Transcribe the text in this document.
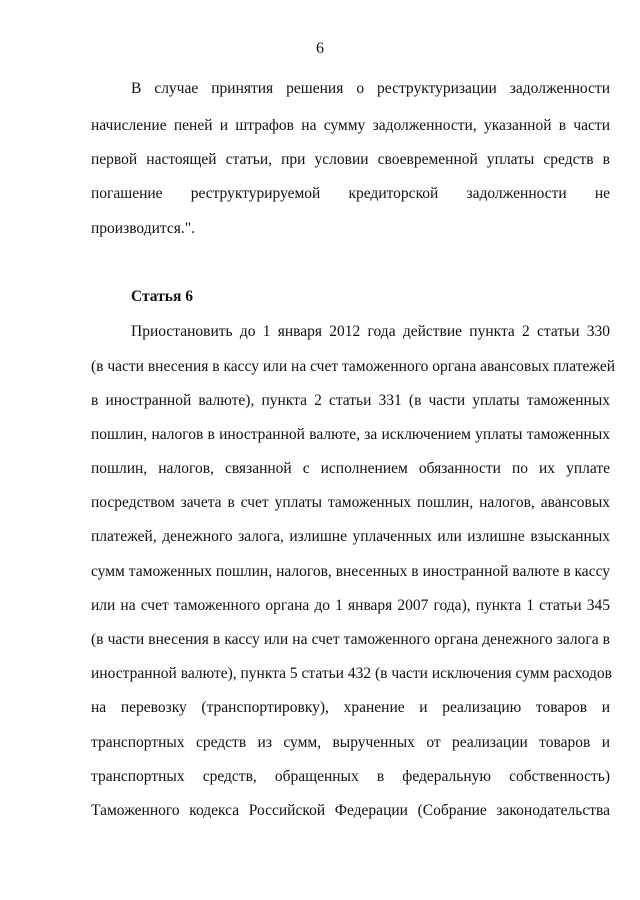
6
В случае принятия решения о реструктуризации задолженности
начисление пеней и штрафов на сумму задолженности, указанной в части
первой настоящей статьи, при условии своевременной уплаты средств в
погашение реструктурируемой кредиторской задолженности не
производится.".
Статья 6
Приостановить до 1 января 2012 года действие пункта 2 статьи 330
(в части внесения в кассу или на счет таможенного органа авансовых платежей
в иностранной валюте), пункта 2 статьи 331 (в части уплаты таможенных
пошлин, налогов в иностранной валюте, за исключением уплаты таможенных
пошлин, налогов, связанной с исполнением обязанности по их уплате
посредством зачета в счет уплаты таможенных пошлин, налогов, авансовых
платежей, денежного залога, излишне уплаченных или излишне взысканных
сумм таможенных пошлин, налогов, внесенных в иностранной валюте в кассу
или на счет таможенного органа до 1 января 2007 года), пункта 1 статьи 345
(в части внесения в кассу или на счет таможенного органа денежного залога в
иностранной валюте), пункта 5 статьи 432 (в части исключения сумм расходов
на перевозку (транспортировку), хранение и реализацию товаров и
транспортных средств из сумм, вырученных от реализации товаров и
транспортных средств, обращенных в федеральную собственность)
Таможенного кодекса Российской Федерации (Собрание законодательства
